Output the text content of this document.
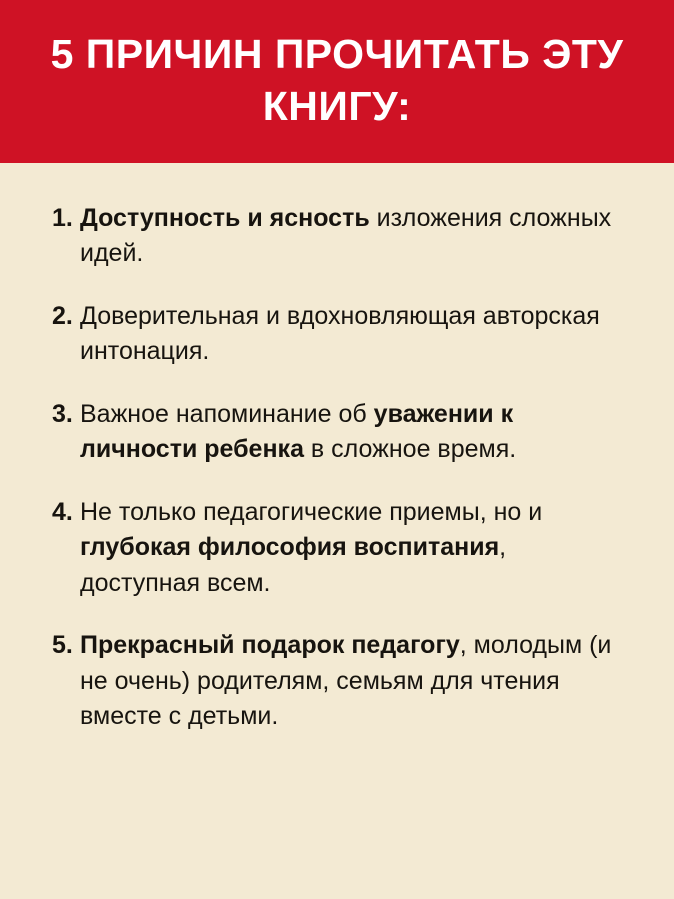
5 ПРИЧИН ПРОЧИТАТЬ ЭТУ КНИГУ:
1. Доступность и ясность изложения сложных идей.
2. Доверительная и вдохновляющая авторская интонация.
3. Важное напоминание об уважении к личности ребенка в сложное время.
4. Не только педагогические приемы, но и глубокая философия воспитания, доступная всем.
5. Прекрасный подарок педагогу, молодым (и не очень) родителям, семьям для чтения вместе с детьми.
